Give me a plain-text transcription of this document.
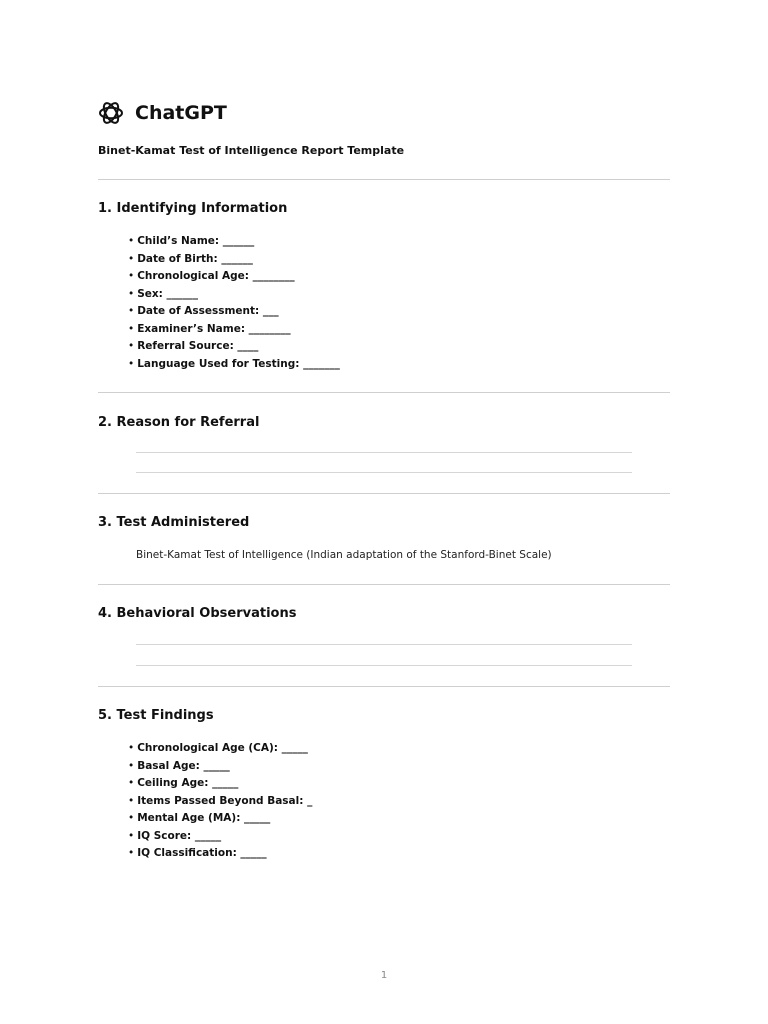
ChatGPT
Binet-Kamat Test of Intelligence Report Template
1. Identifying Information
• Child’s Name: ______
• Date of Birth: ______
• Chronological Age: ________
• Sex: ______
• Date of Assessment: ___
• Examiner’s Name: ________
• Referral Source: ____
• Language Used for Testing: _______
2. Reason for Referral
3. Test Administered
Binet-Kamat Test of Intelligence (Indian adaptation of the Stanford-Binet Scale)
4. Behavioral Observations
5. Test Findings
• Chronological Age (CA): _____
• Basal Age: _____
• Ceiling Age: _____
• Items Passed Beyond Basal: _
• Mental Age (MA): _____
• IQ Score: _____
• IQ Classification: _____
1
